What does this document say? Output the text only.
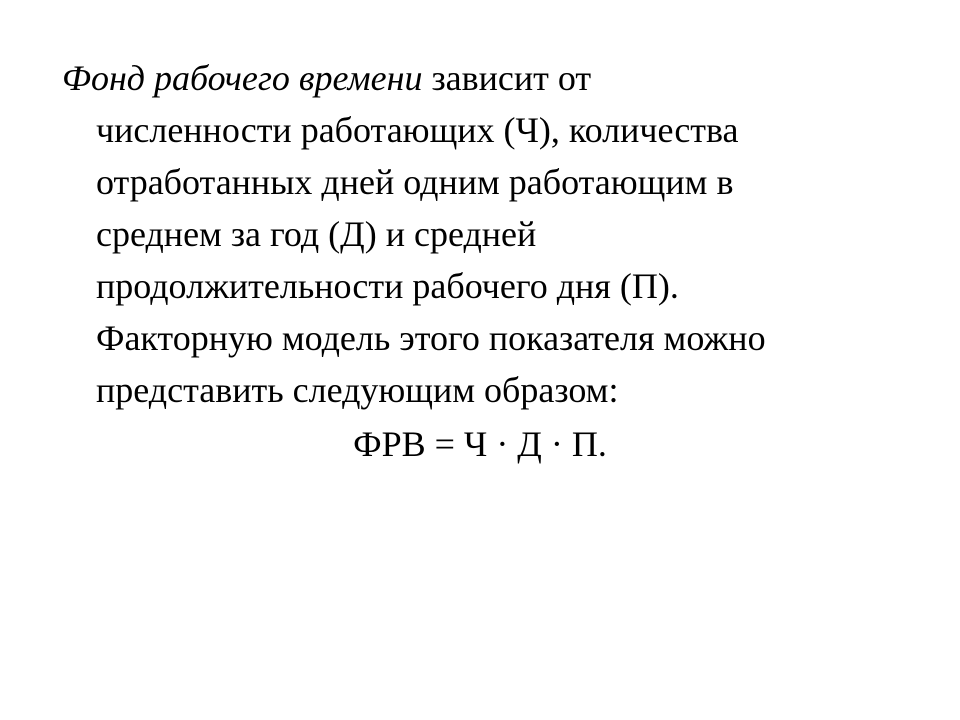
Фонд рабочего времени зависит от
численности работающих (Ч), количества
отработанных дней одним работающим в
среднем за год (Д) и средней
продолжительности рабочего дня (П).
Факторную модель этого показателя можно
представить следующим образом:
ФРВ = Ч · Д · П.
